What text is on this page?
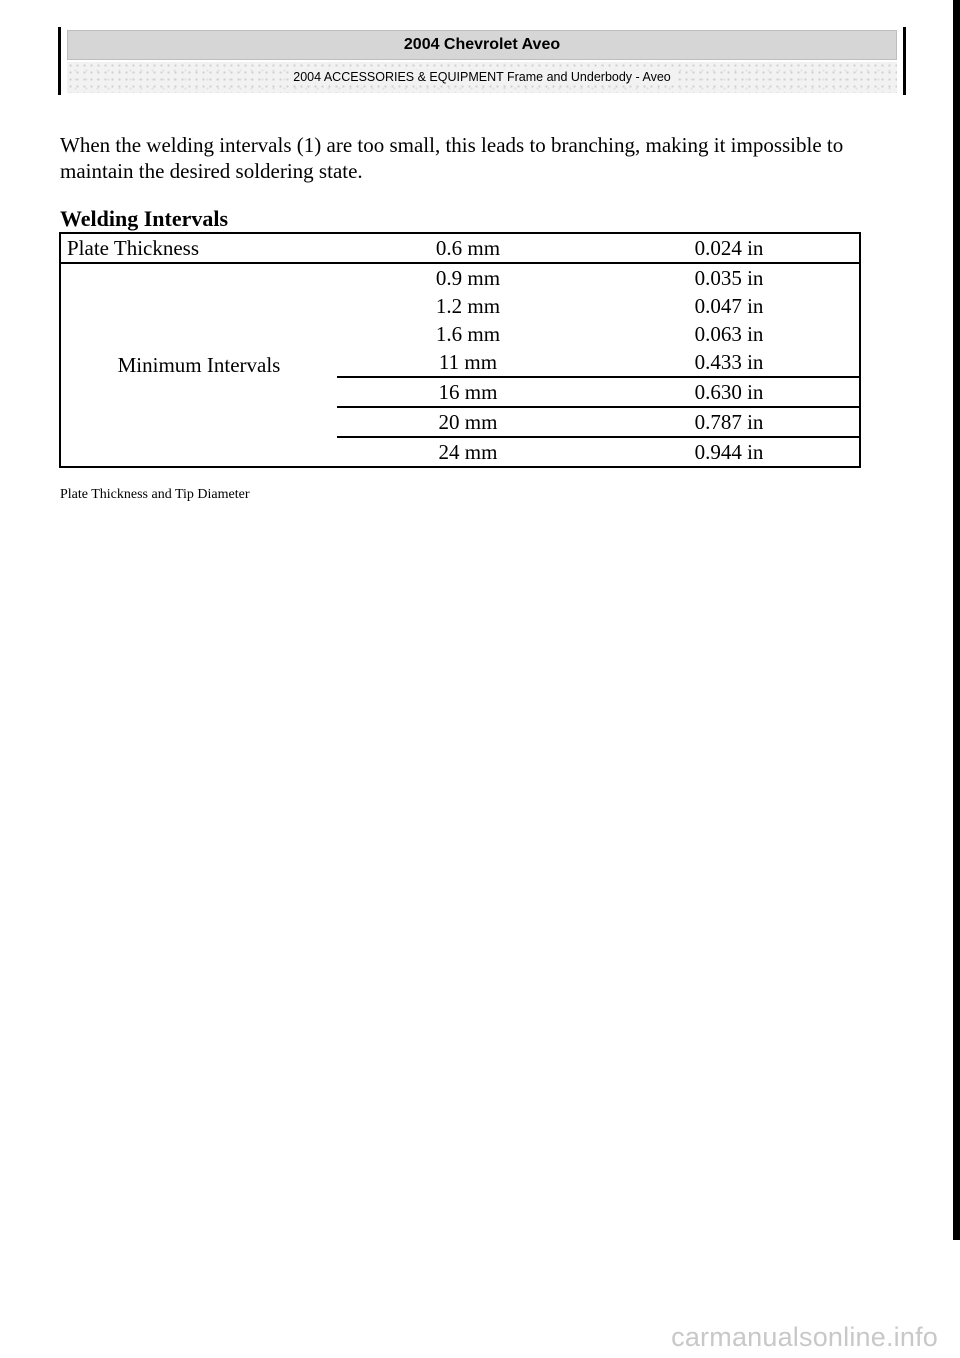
2004 Chevrolet Aveo
2004 ACCESSORIES & EQUIPMENT Frame and Underbody - Aveo

When the welding intervals (1) are too small, this leads to branching, making it impossible to maintain the desired soldering state.

Welding Intervals
Plate Thickness	0.6 mm	0.024 in
Minimum Intervals	0.9 mm	0.035 in
	1.2 mm	0.047 in
	1.6 mm	0.063 in
	11 mm	0.433 in
	16 mm	0.630 in
	20 mm	0.787 in
	24 mm	0.944 in

Plate Thickness and Tip Diameter

carmanualsonline.info
